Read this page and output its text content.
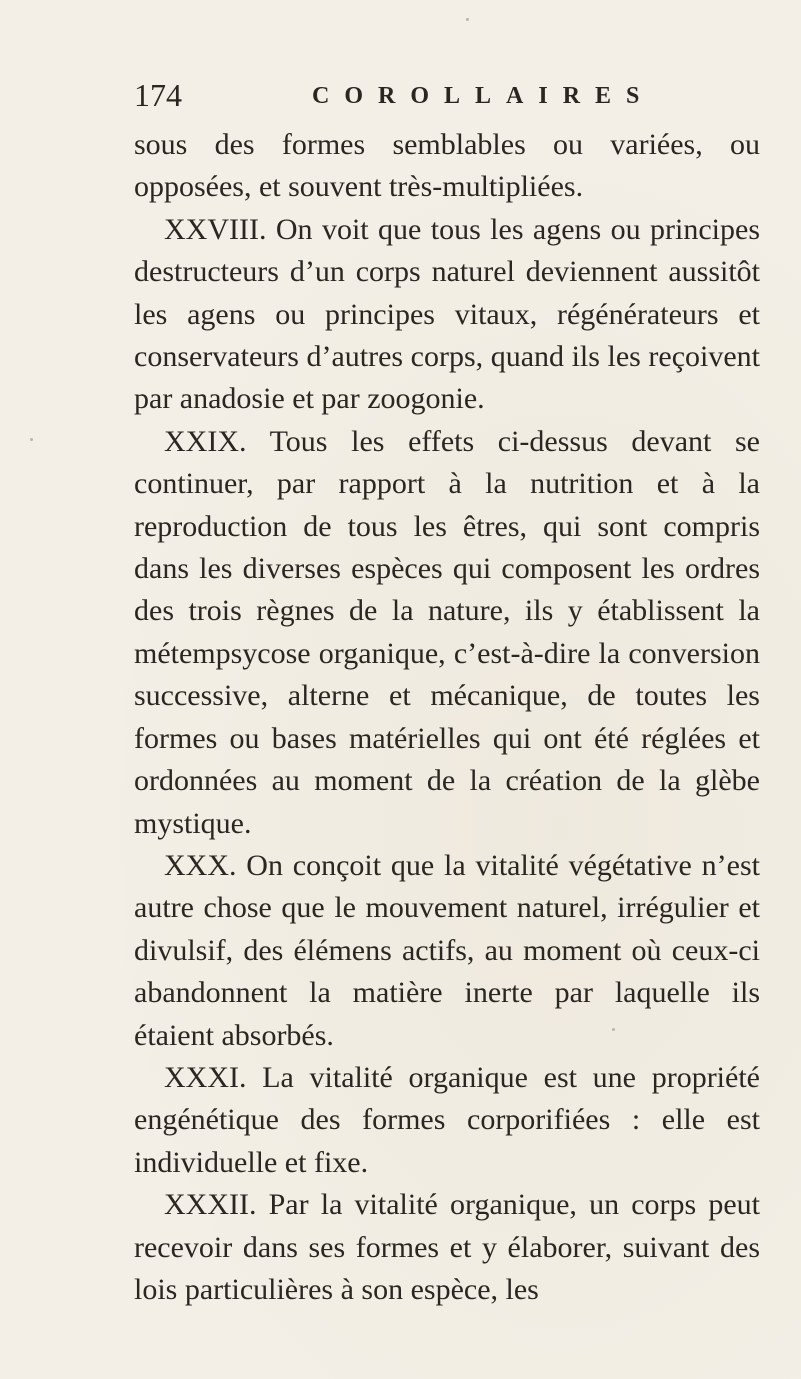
174	COROLLAIRES

sous des formes semblables ou variées, ou opposées, et souvent très-multipliées.

XXVIII. On voit que tous les agens ou principes destructeurs d’un corps naturel deviennent aussitôt les agens ou principes vitaux, régénérateurs et conservateurs d’autres corps, quand ils les reçoivent par anadosie et par zoogonie.

XXIX. Tous les effets ci-dessus devant se continuer, par rapport à la nutrition et à la reproduction de tous les êtres, qui sont compris dans les diverses espèces qui composent les ordres des trois règnes de la nature, ils y établissent la métempsycose organique, c’est-à-dire la conversion successive, alterne et mécanique, de toutes les formes ou bases matérielles qui ont été réglées et ordonnées au moment de la création de la glèbe mystique.

XXX. On conçoit que la vitalité végétative n’est autre chose que le mouvement naturel, irrégulier et divulsif, des élémens actifs, au moment où ceux-ci abandonnent la matière inerte par laquelle ils étaient absorbés.

XXXI. La vitalité organique est une propriété engénétique des formes corporifiées : elle est individuelle et fixe.

XXXII. Par la vitalité organique, un corps peut recevoir dans ses formes et y élaborer, suivant des lois particulières à son espèce, les
